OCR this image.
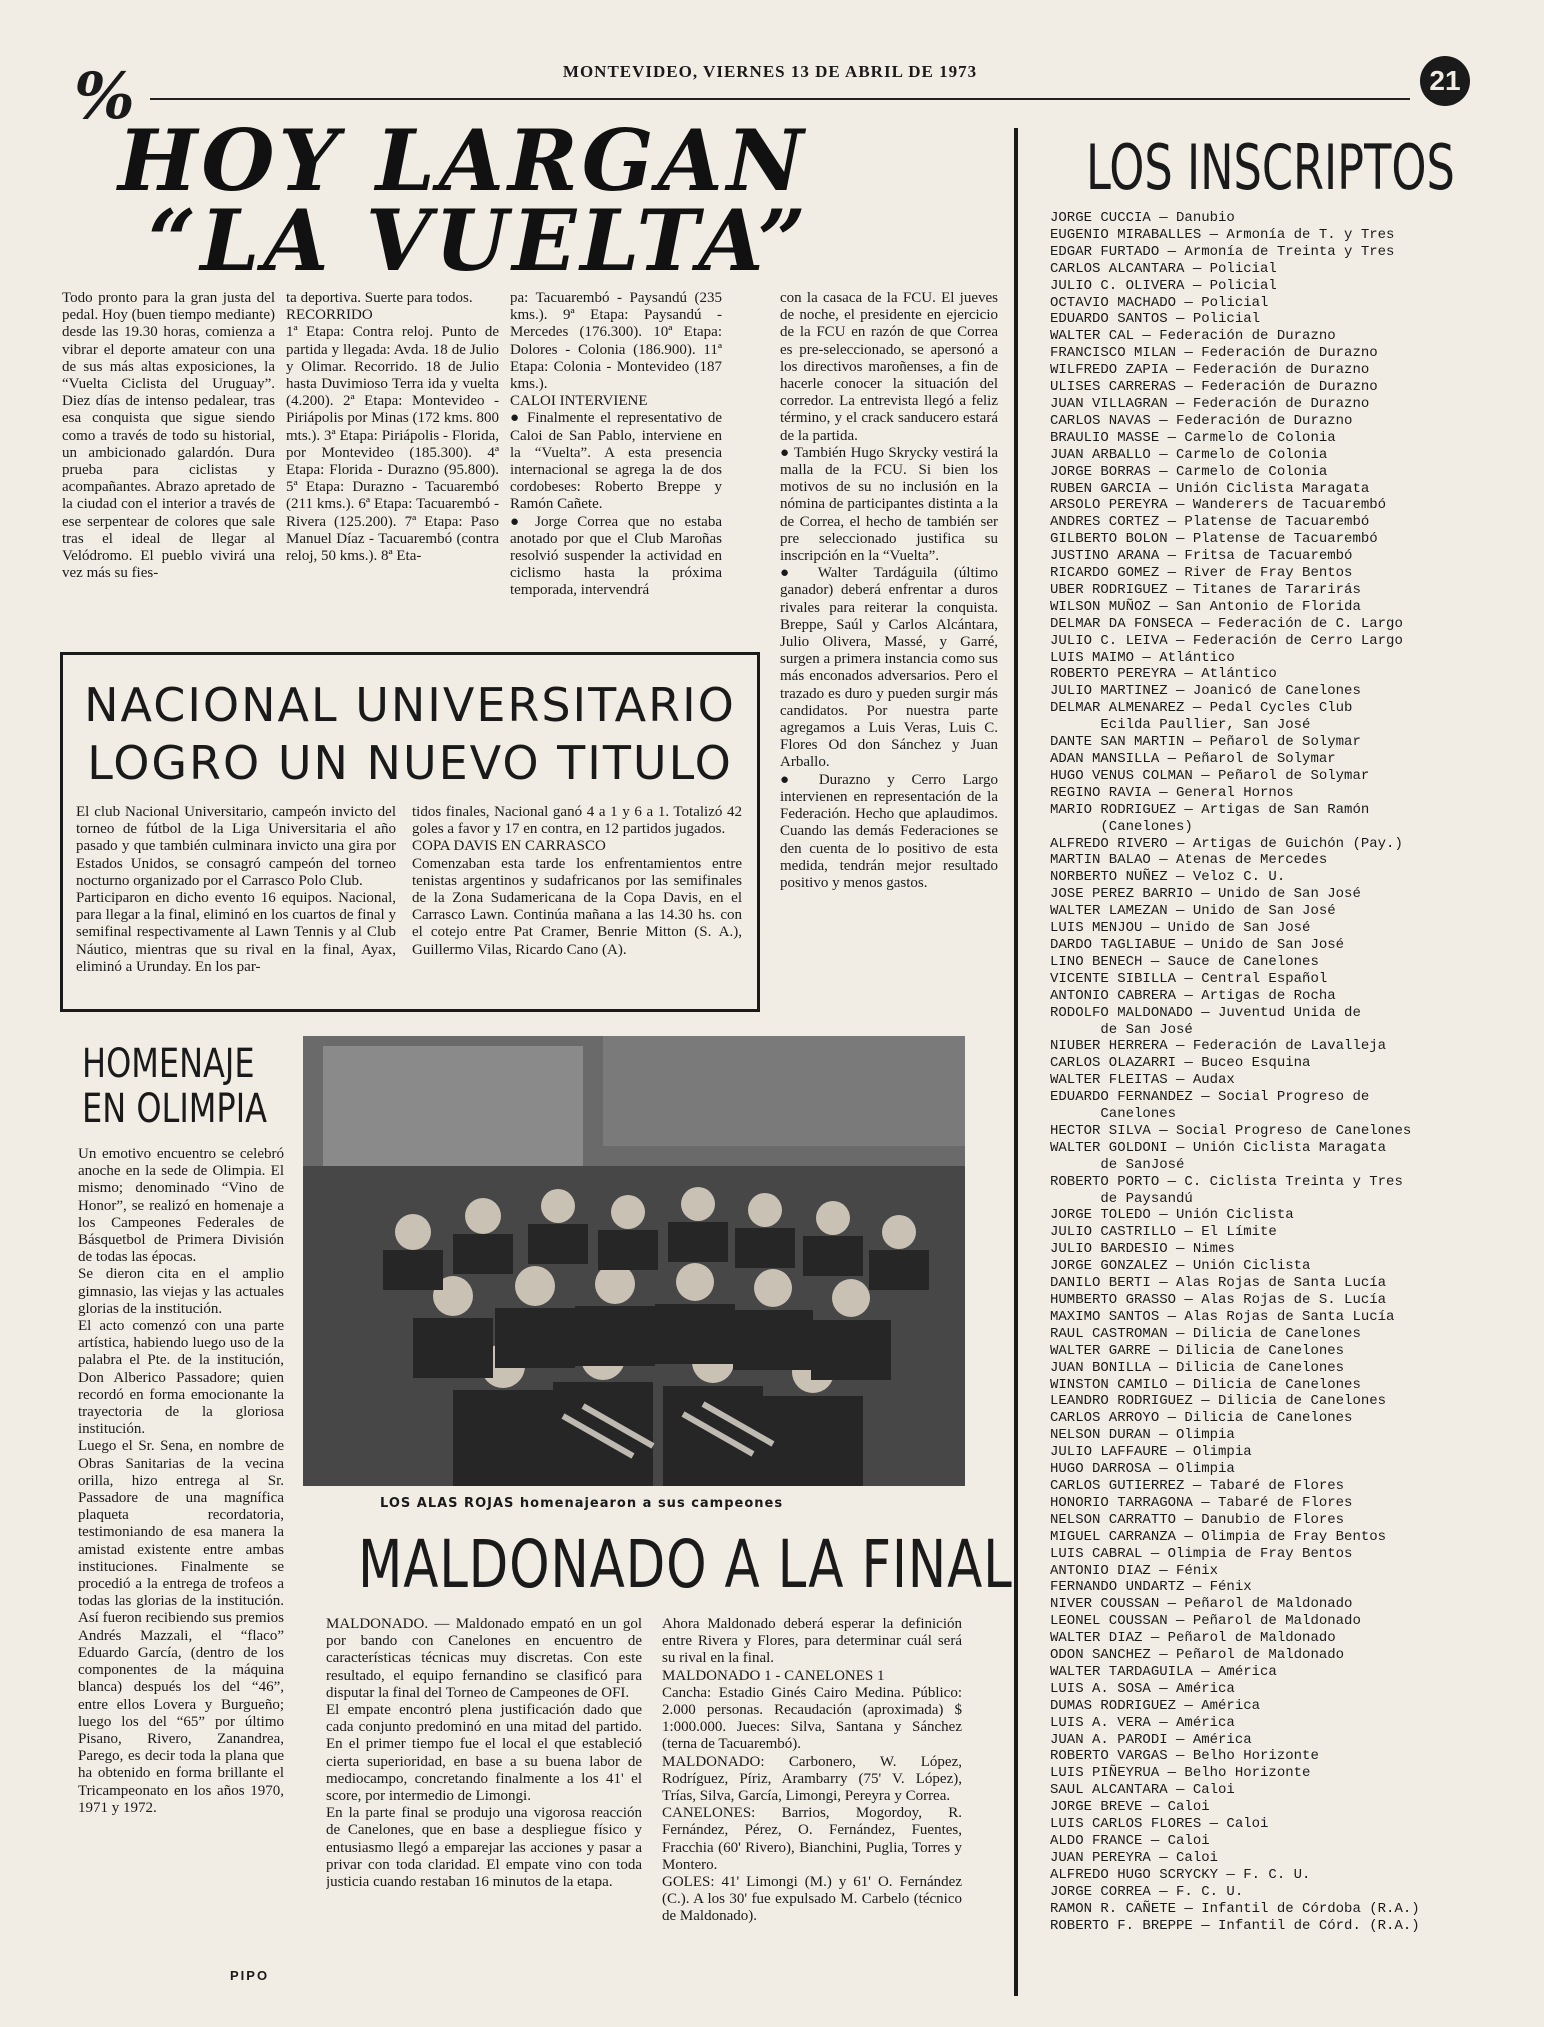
%	MONTEVIDEO, VIERNES 13 DE ABRIL DE 1973	21
HOY LARGAN
“LA VUELTA”
Todo pronto para la gran justa del pedal. Hoy (buen tiempo mediante) desde las 19.30 horas, comienza a vibrar el deporte amateur con una de sus más altas exposiciones, la “Vuelta Ciclista del Uruguay”. Diez días de intenso pedalear, tras esa conquista que sigue siendo como a través de todo su historial, un ambicionado galardón. Dura prueba para ciclistas y acompañantes. Abrazo apretado de la ciudad con el interior a través de ese serpentear de colores que sale tras el ideal de llegar al Velódromo. El pueblo vivirá una vez más su fies-
ta deportiva. Suerte para todos.
RECORRIDO
1ª Etapa: Contra reloj. Punto de partida y llegada: Avda. 18 de Julio y Olimar. Recorrido. 18 de Julio hasta Duvimioso Terra ida y vuelta (4.200). 2ª Etapa: Montevideo - Piriápolis por Minas (172 kms. 800 mts.). 3ª Etapa: Piriápolis - Florida, por Montevideo (185.300). 4ª Etapa: Florida - Durazno (95.800). 5ª Etapa: Durazno - Tacuarembó (211 kms.). 6ª Etapa: Tacuarembó - Rivera (125.200). 7ª Etapa: Paso Manuel Díaz - Tacuarembó (contra reloj, 50 kms.). 8ª Eta-
pa: Tacuarembó - Paysandú (235 kms.). 9ª Etapa: Paysandú - Mercedes (176.300). 10ª Etapa: Dolores - Colonia (186.900). 11ª Etapa: Colonia - Montevideo (187 kms.).
CALOI INTERVIENE
● Finalmente el representativo de Caloi de San Pablo, interviene en la “Vuelta”. A esta presencia internacional se agrega la de dos cordobeses: Roberto Breppe y Ramón Cañete.
● Jorge Correa que no estaba anotado por que el Club Maroñas resolvió suspender la actividad en ciclismo hasta la próxima temporada, intervendrá
con la casaca de la FCU. El jueves de noche, el presidente en ejercicio de la FCU en razón de que Correa es pre-seleccionado, se apersonó a los directivos maroñenses, a fin de hacerle conocer la situación del corredor. La entrevista llegó a feliz término, y el crack sanducero estará de la partida.
● También Hugo Skrycky vestirá la malla de la FCU. Si bien los motivos de su no inclusión en la nómina de participantes distinta a la de Correa, el hecho de también ser pre seleccionado justifica su inscripción en la “Vuelta”.
● Walter Tardáguila (último ganador) deberá enfrentar a duros rivales para reiterar la conquista. Breppe, Saúl y Carlos Alcántara, Julio Olivera, Massé, y Garré, surgen a primera instancia como sus más enconados adversarios. Pero el trazado es duro y pueden surgir más candidatos. Por nuestra parte agregamos a Luis Veras, Luis C. Flores Od don Sánchez y Juan Arballo.
● Durazno y Cerro Largo intervienen en representación de la Federación. Hecho que aplaudimos. Cuando las demás Federaciones se den cuenta de lo positivo de esta medida, tendrán mejor resultado positivo y menos gastos.
NACIONAL UNIVERSITARIO
LOGRO UN NUEVO TITULO
El club Nacional Universitario, campeón invicto del torneo de fútbol de la Liga Universitaria el año pasado y que también culminara invicto una gira por Estados Unidos, se consagró campeón del torneo nocturno organizado por el Carrasco Polo Club.
Participaron en dicho evento 16 equipos. Nacional, para llegar a la final, eliminó en los cuartos de final y semifinal respectivamente al Lawn Tennis y al Club Náutico, mientras que su rival en la final, Ayax, eliminó a Urunday. En los par-
tidos finales, Nacional ganó 4 a 1 y 6 a 1. Totalizó 42 goles a favor y 17 en contra, en 12 partidos jugados.
COPA DAVIS EN CARRASCO
Comenzaban esta tarde los enfrentamientos entre tenistas argentinos y sudafricanos por las semifinales de la Zona Sudamericana de la Copa Davis, en el Carrasco Lawn. Continúa mañana a las 14.30 hs. con el cotejo entre Pat Cramer, Benrie Mitton (S. A.), Guillermo Vilas, Ricardo Cano (A).
HOMENAJE
EN OLIMPIA
Un emotivo encuentro se celebró anoche en la sede de Olimpia. El mismo; denominado “Vino de Honor”, se realizó en homenaje a los Campeones Federales de Básquetbol de Primera División de todas las épocas.
Se dieron cita en el amplio gimnasio, las viejas y las actuales glorias de la institución.
El acto comenzó con una parte artística, habiendo luego uso de la palabra el Pte. de la institución, Don Alberico Passadore; quien recordó en forma emocionante la trayectoria de la gloriosa institución.
Luego el Sr. Sena, en nombre de Obras Sanitarias de la vecina orilla, hizo entrega al Sr. Passadore de una magnífica plaqueta recordatoria, testimoniando de esa manera la amistad existente entre ambas instituciones. Finalmente se procedió a la entrega de trofeos a todas las glorias de la institución. Así fueron recibiendo sus premios Andrés Mazzali, el “flaco” Eduardo García, (dentro de los componentes de la máquina blanca) después los del “46”, entre ellos Lovera y Burgueño; luego los del “65” por último Pisano, Rivero, Zanandrea, Parego, es decir toda la plana que ha obtenido en forma brillante el Tricampeonato en los años 1970, 1971 y 1972.
PIPO
LOS ALAS ROJAS homenajearon a sus campeones
MALDONADO A LA FINAL
MALDONADO. — Maldonado empató en un gol por bando con Canelones en encuentro de características técnicas muy discretas. Con este resultado, el equipo fernandino se clasificó para disputar la final del Torneo de Campeones de OFI.
El empate encontró plena justificación dado que cada conjunto predominó en una mitad del partido. En el primer tiempo fue el local el que estableció cierta superioridad, en base a su buena labor de mediocampo, concretando finalmente a los 41' el score, por intermedio de Limongi.
En la parte final se produjo una vigorosa reacción de Canelones, que en base a despliegue físico y entusiasmo llegó a emparejar las acciones y pasar a privar con toda claridad. El empate vino con toda justicia cuando restaban 16 minutos de la etapa.
Ahora Maldonado deberá esperar la definición entre Rivera y Flores, para determinar cuál será su rival en la final.
MALDONADO 1 - CANELONES 1
Cancha: Estadio Ginés Cairo Medina. Público: 2.000 personas. Recaudación (aproximada) $ 1:000.000. Jueces: Silva, Santana y Sánchez (terna de Tacuarembó).
MALDONADO: Carbonero, W. López, Rodríguez, Píriz, Arambarry (75' V. López), Trías, Silva, García, Limongi, Pereyra y Correa.
CANELONES: Barrios, Mogordoy, R. Fernández, Pérez, O. Fernández, Fuentes, Fracchia (60' Rivero), Bianchini, Puglia, Torres y Montero.
GOLES: 41' Limongi (M.) y 61' O. Fernández (C.). A los 30' fue expulsado M. Carbelo (técnico de Maldonado).
LOS INSCRIPTOS
JORGE CUCCIA — Danubio
EUGENIO MIRABALLES — Armonía de T. y Tres
EDGAR FURTADO — Armonía de Treinta y Tres
CARLOS ALCANTARA — Policial
JULIO C. OLIVERA — Policial
OCTAVIO MACHADO — Policial
EDUARDO SANTOS — Policial
WALTER CAL — Federación de Durazno
FRANCISCO MILAN — Federación de Durazno
WILFREDO ZAPIA — Federación de Durazno
ULISES CARRERAS — Federación de Durazno
JUAN VILLAGRAN — Federación de Durazno
CARLOS NAVAS — Federación de Durazno
BRAULIO MASSE — Carmelo de Colonia
JUAN ARBALLO — Carmelo de Colonia
JORGE BORRAS — Carmelo de Colonia
RUBEN GARCIA — Unión Ciclista Maragata
ARSOLO PEREYRA — Wanderers de Tacuarembó
ANDRES CORTEZ — Platense de Tacuarembó
GILBERTO BOLON — Platense de Tacuarembó
JUSTINO ARANA — Fritsa de Tacuarembó
RICARDO GOMEZ — River de Fray Bentos
UBER RODRIGUEZ — Titanes de Tararirás
WILSON MUÑOZ — San Antonio de Florida
DELMAR DA FONSECA — Federación de C. Largo
JULIO C. LEIVA — Federación de Cerro Largo
LUIS MAIMO — Atlántico
ROBERTO PEREYRA — Atlántico
JULIO MARTINEZ — Joanicó de Canelones
DELMAR ALMENAREZ — Pedal Cycles Club
Ecilda Paullier, San José
DANTE SAN MARTIN — Peñarol de Solymar
ADAN MANSILLA — Peñarol de Solymar
HUGO VENUS COLMAN — Peñarol de Solymar
REGINO RAVIA — General Hornos
MARIO RODRIGUEZ — Artigas de San Ramón
(Canelones)
ALFREDO RIVERO — Artigas de Guichón (Pay.)
MARTIN BALAO — Atenas de Mercedes
NORBERTO NUÑEZ — Veloz C. U.
JOSE PEREZ BARRIO — Unido de San José
WALTER LAMEZAN — Unido de San José
LUIS MENJOU — Unido de San José
DARDO TAGLIABUE — Unido de San José
LINO BENECH — Sauce de Canelones
VICENTE SIBILLA — Central Español
ANTONIO CABRERA — Artigas de Rocha
RODOLFO MALDONADO — Juventud Unida de
de San José
NIUBER HERRERA — Federación de Lavalleja
CARLOS OLAZARRI — Buceo Esquina
WALTER FLEITAS — Audax
EDUARDO FERNANDEZ — Social Progreso de
Canelones
HECTOR SILVA — Social Progreso de Canelones
WALTER GOLDONI — Unión Ciclista Maragata
de SanJosé
ROBERTO PORTO — C. Ciclista Treinta y Tres
de Paysandú
JORGE TOLEDO — Unión Ciclista
JULIO CASTRILLO — El Límite
JULIO BARDESIO — Nimes
JORGE GONZALEZ — Unión Ciclista
DANILO BERTI — Alas Rojas de Santa Lucía
HUMBERTO GRASSO — Alas Rojas de S. Lucía
MAXIMO SANTOS — Alas Rojas de Santa Lucía
RAUL CASTROMAN — Dilicia de Canelones
WALTER GARRE — Dilicia de Canelones
JUAN BONILLA — Dilicia de Canelones
WINSTON CAMILO — Dilicia de Canelones
LEANDRO RODRIGUEZ — Dilicia de Canelones
CARLOS ARROYO — Dilicia de Canelones
NELSON DURAN — Olimpia
JULIO LAFFAURE — Olimpia
HUGO DARROSA — Olimpia
CARLOS GUTIERREZ — Tabaré de Flores
HONORIO TARRAGONA — Tabaré de Flores
NELSON CARRATTO — Danubio de Flores
MIGUEL CARRANZA — Olimpia de Fray Bentos
LUIS CABRAL — Olimpia de Fray Bentos
ANTONIO DIAZ — Fénix
FERNANDO UNDARTZ — Fénix
NIVER COUSSAN — Peñarol de Maldonado
LEONEL COUSSAN — Peñarol de Maldonado
WALTER DIAZ — Peñarol de Maldonado
ODON SANCHEZ — Peñarol de Maldonado
WALTER TARDAGUILA — América
LUIS A. SOSA — América
DUMAS RODRIGUEZ — América
LUIS A. VERA — América
JUAN A. PARODI — América
ROBERTO VARGAS — Belho Horizonte
LUIS PIÑEYRUA — Belho Horizonte
SAUL ALCANTARA — Caloi
JORGE BREVE — Caloi
LUIS CARLOS FLORES — Caloi
ALDO FRANCE — Caloi
JUAN PEREYRA — Caloi
ALFREDO HUGO SCRYCKY — F. C. U.
JORGE CORREA — F. C. U.
RAMON R. CAÑETE — Infantil de Córdoba (R.A.)
ROBERTO F. BREPPE — Infantil de Córd. (R.A.)
